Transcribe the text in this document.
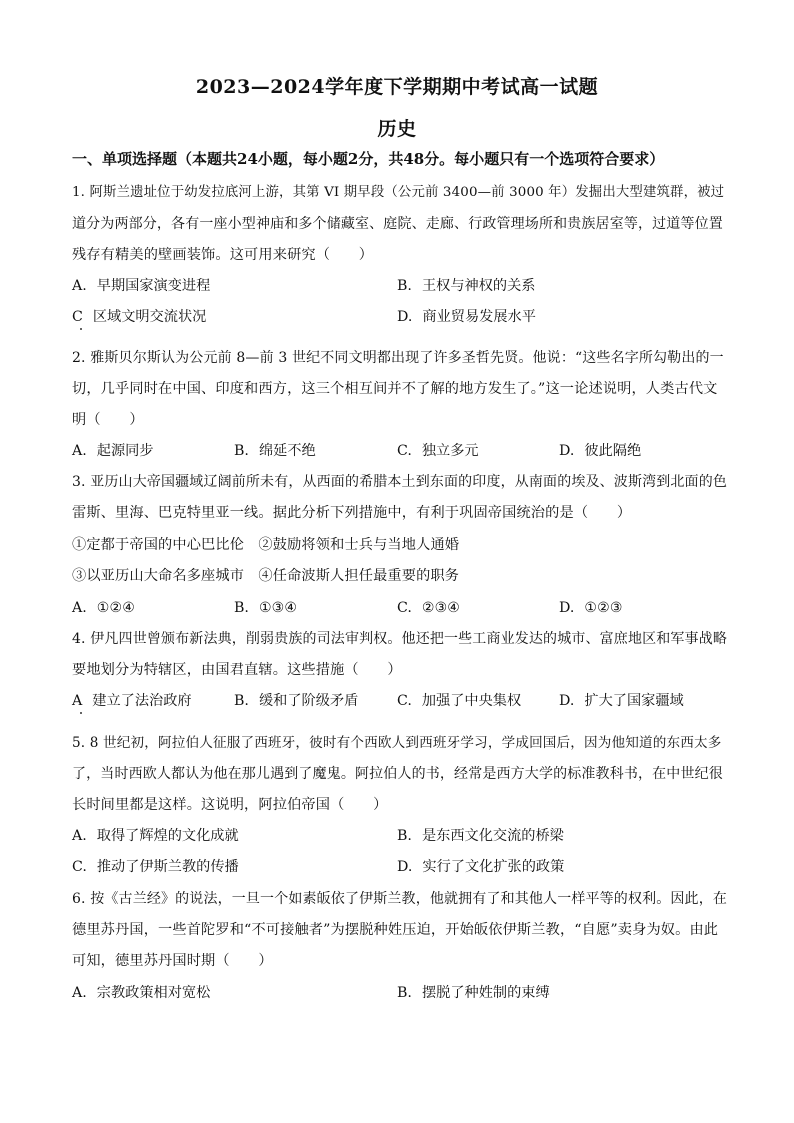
2023—2024学年度下学期期中考试高一试题
历史
一、单项选择题（本题共24小题，每小题2分，共48分。每小题只有一个选项符合要求）
1. 阿斯兰遗址位于幼发拉底河上游，其第 VI 期早段（公元前 3400—前 3000 年）发掘出大型建筑群，被过
道分为两部分，各有一座小型神庙和多个储藏室、庭院、走廊、行政管理场所和贵族居室等，过道等位置
残存有精美的壁画装饰。这可用来研究（　　）
A. 早期国家演变进程	B. 王权与神权的关系
C 区域文明交流状况	D. 商业贸易发展水平
2. 雅斯贝尔斯认为公元前 8—前 3 世纪不同文明都出现了许多圣哲先贤。他说：“这些名字所勾勒出的一
切，几乎同时在中国、印度和西方，这三个相互间并不了解的地方发生了。”这一论述说明，人类古代文
明（　　）
A. 起源同步	B. 绵延不绝	C. 独立多元	D. 彼此隔绝
3. 亚历山大帝国疆域辽阔前所未有，从西面的希腊本土到东面的印度，从南面的埃及、波斯湾到北面的色
雷斯、里海、巴克特里亚一线。据此分析下列措施中，有利于巩固帝国统治的是（　　）
①定都于帝国的中心巴比伦　②鼓励将领和士兵与当地人通婚
③以亚历山大命名多座城市　④任命波斯人担任最重要的职务
A. ①②④	B. ①③④	C. ②③④	D. ①②③
4. 伊凡四世曾颁布新法典，削弱贵族的司法审判权。他还把一些工商业发达的城市、富庶地区和军事战略
要地划分为特辖区，由国君直辖。这些措施（　　）
A 建立了法治政府	B. 缓和了阶级矛盾	C. 加强了中央集权	D. 扩大了国家疆域
5. 8 世纪初，阿拉伯人征服了西班牙，彼时有个西欧人到西班牙学习，学成回国后，因为他知道的东西太多
了，当时西欧人都认为他在那儿遇到了魔鬼。阿拉伯人的书，经常是西方大学的标准教科书，在中世纪很
长时间里都是这样。这说明，阿拉伯帝国（　　）
A. 取得了辉煌的文化成就	B. 是东西文化交流的桥梁
C. 推动了伊斯兰教的传播	D. 实行了文化扩张的政策
6. 按《古兰经》的说法，一旦一个如素皈依了伊斯兰教，他就拥有了和其他人一样平等的权利。因此，在
德里苏丹国，一些首陀罗和“不可接触者”为摆脱种姓压迫，开始皈依伊斯兰教，“自愿”卖身为奴。由此
可知，德里苏丹国时期（　　）
A. 宗教政策相对宽松	B. 摆脱了种姓制的束缚
